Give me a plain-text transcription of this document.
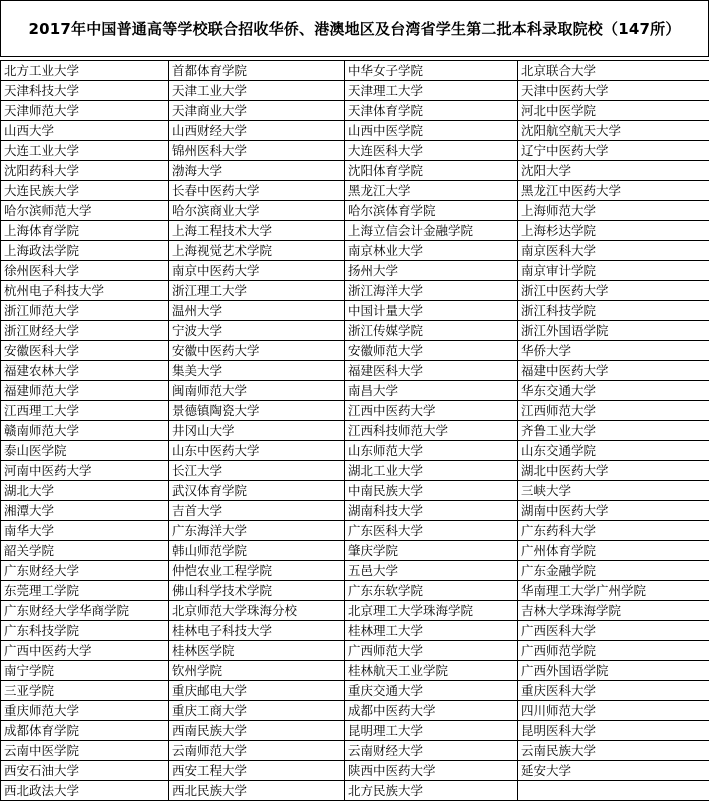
2017年中国普通高等学校联合招收华侨、港澳地区及台湾省学生第二批本科录取院校（147所）
北方工业大学	首都体育学院	中华女子学院	北京联合大学
天津科技大学	天津工业大学	天津理工大学	天津中医药大学
天津师范大学	天津商业大学	天津体育学院	河北中医学院
山西大学	山西财经大学	山西中医学院	沈阳航空航天大学
大连工业大学	锦州医科大学	大连医科大学	辽宁中医药大学
沈阳药科大学	渤海大学	沈阳体育学院	沈阳大学
大连民族大学	长春中医药大学	黑龙江大学	黑龙江中医药大学
哈尔滨师范大学	哈尔滨商业大学	哈尔滨体育学院	上海师范大学
上海体育学院	上海工程技术大学	上海立信会计金融学院	上海杉达学院
上海政法学院	上海视觉艺术学院	南京林业大学	南京医科大学
徐州医科大学	南京中医药大学	扬州大学	南京审计学院
杭州电子科技大学	浙江理工大学	浙江海洋大学	浙江中医药大学
浙江师范大学	温州大学	中国计量大学	浙江科技学院
浙江财经大学	宁波大学	浙江传媒学院	浙江外国语学院
安徽医科大学	安徽中医药大学	安徽师范大学	华侨大学
福建农林大学	集美大学	福建医科大学	福建中医药大学
福建师范大学	闽南师范大学	南昌大学	华东交通大学
江西理工大学	景德镇陶瓷大学	江西中医药大学	江西师范大学
赣南师范大学	井冈山大学	江西科技师范大学	齐鲁工业大学
泰山医学院	山东中医药大学	山东师范大学	山东交通学院
河南中医药大学	长江大学	湖北工业大学	湖北中医药大学
湖北大学	武汉体育学院	中南民族大学	三峡大学
湘潭大学	吉首大学	湖南科技大学	湖南中医药大学
南华大学	广东海洋大学	广东医科大学	广东药科大学
韶关学院	韩山师范学院	肇庆学院	广州体育学院
广东财经大学	仲恺农业工程学院	五邑大学	广东金融学院
东莞理工学院	佛山科学技术学院	广东东软学院	华南理工大学广州学院
广东财经大学华商学院	北京师范大学珠海分校	北京理工大学珠海学院	吉林大学珠海学院
广东科技学院	桂林电子科技大学	桂林理工大学	广西医科大学
广西中医药大学	桂林医学院	广西师范大学	广西师范学院
南宁学院	钦州学院	桂林航天工业学院	广西外国语学院
三亚学院	重庆邮电大学	重庆交通大学	重庆医科大学
重庆师范大学	重庆工商大学	成都中医药大学	四川师范大学
成都体育学院	西南民族大学	昆明理工大学	昆明医科大学
云南中医学院	云南师范大学	云南财经大学	云南民族大学
西安石油大学	西安工程大学	陕西中医药大学	延安大学
西北政法大学	西北民族大学	北方民族大学	
